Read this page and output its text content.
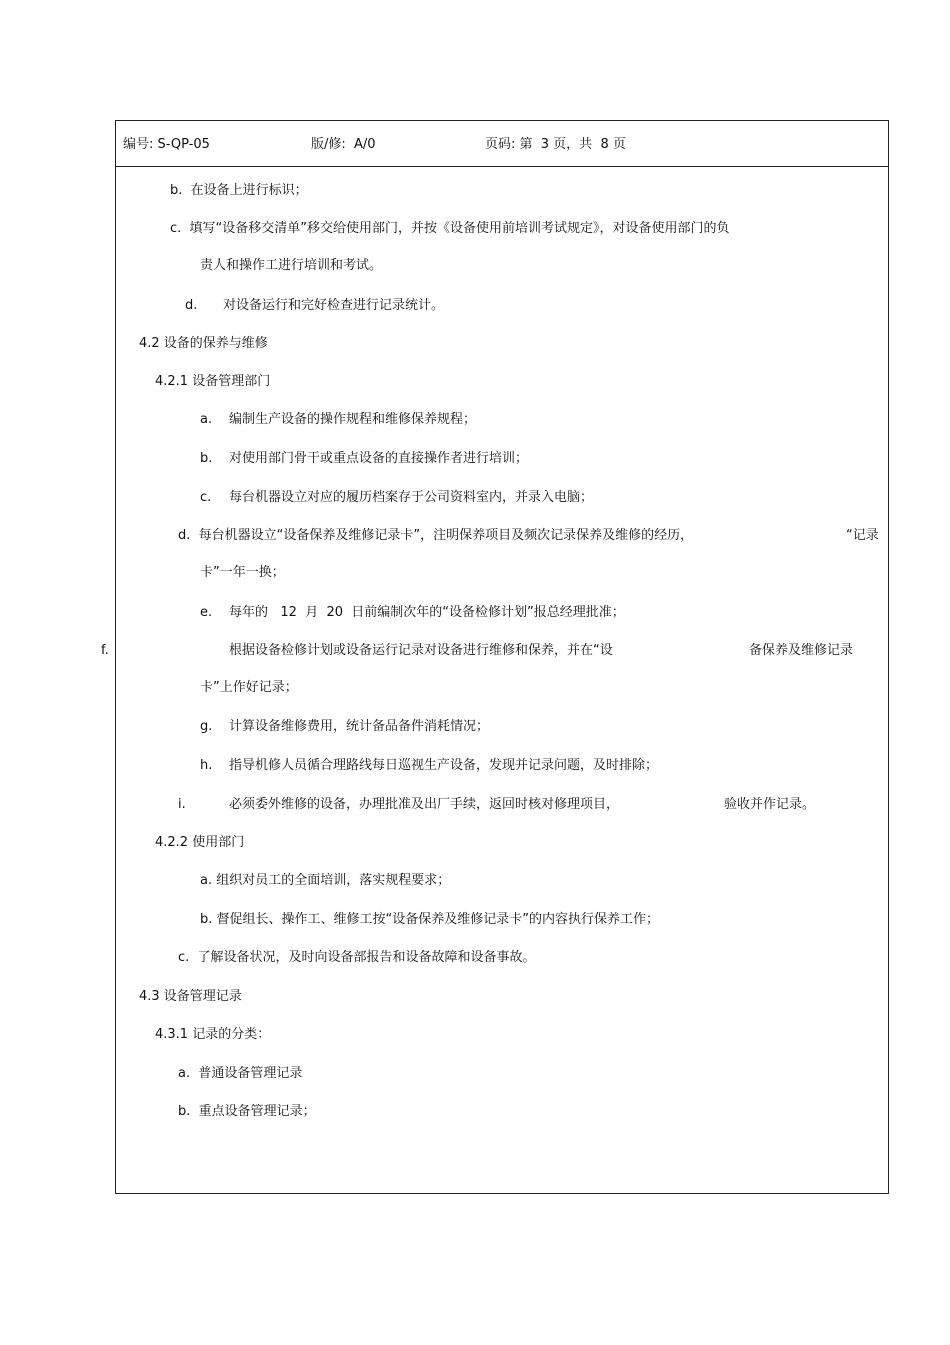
编号: S-QP-05	版/修:  A/0	页码: 第  3 页，共  8 页
b.  在设备上进行标识；
c.  填写“设备移交清单”移交给使用部门，并按《设备使用前培训考试规定》，对设备使用部门的负
责人和操作工进行培训和考试。
d. 对设备运行和完好检查进行记录统计。
4.2 设备的保养与维修
4.2.1 设备管理部门
a. 编制生产设备的操作规程和维修保养规程；
b. 对使用部门骨干或重点设备的直接操作者进行培训；
c. 每台机器设立对应的履历档案存于公司资料室内，并录入电脑；
d.  每台机器设立“设备保养及维修记录卡”，注明保养项目及频次记录保养及维修的经历，	“记录
卡”一年一换；
e. 每年的   12  月  20  日前编制次年的“设备检修计划”报总经理批准；
f.	根据设备检修计划或设备运行记录对设备进行维修和保养，并在“设	备保养及维修记录
卡”上作好记录；
g. 计算设备维修费用，统计备品备件消耗情况；
h. 指导机修人员循合理路线每日巡视生产设备，发现并记录问题，及时排除；
i.	必须委外维修的设备，办理批准及出厂手续，返回时核对修理项目，	验收并作记录。
4.2.2 使用部门
a. 组织对员工的全面培训，落实规程要求；
b. 督促组长、操作工、维修工按“设备保养及维修记录卡”的内容执行保养工作；
c.  了解设备状况，及时向设备部报告和设备故障和设备事故。
4.3 设备管理记录
4.3.1 记录的分类：
a.  普通设备管理记录
b.  重点设备管理记录；
